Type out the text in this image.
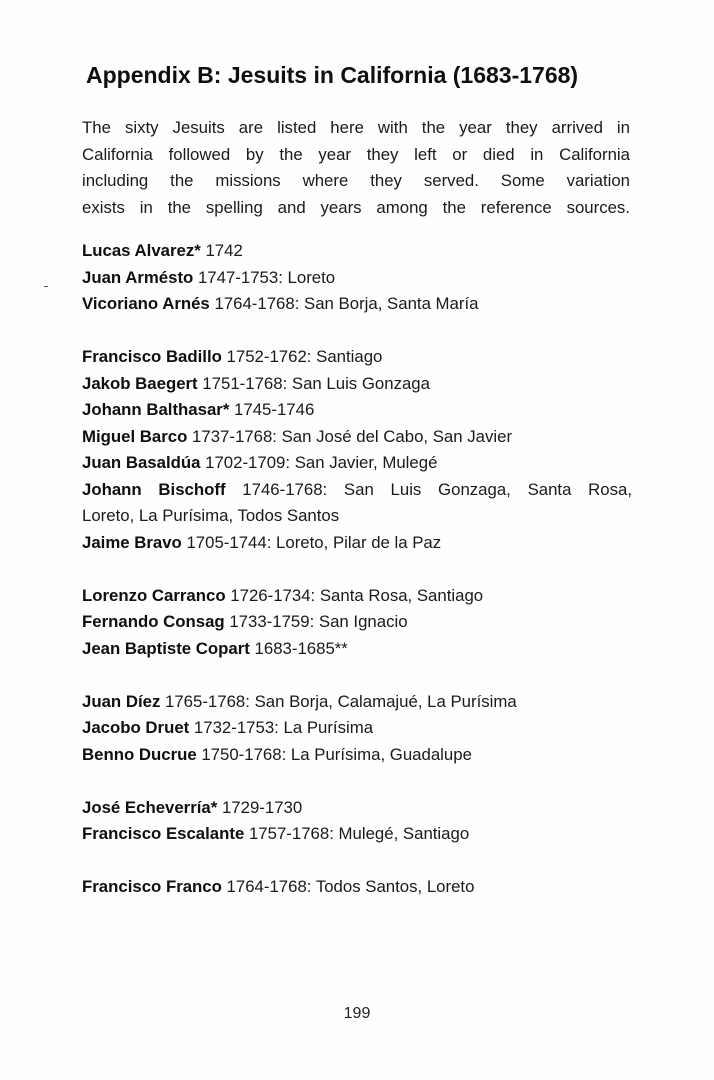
Appendix B: Jesuits in California (1683-1768)
The sixty Jesuits are listed here with the year they arrived in
California followed by the year they left or died in California
including the missions where they served. Some variation
exists in the spelling and years among the reference sources.
Lucas Alvarez* 1742
Juan Armésto 1747-1753: Loreto
Vicoriano Arnés 1764-1768: San Borja, Santa María
Francisco Badillo 1752-1762: Santiago
Jakob Baegert 1751-1768: San Luis Gonzaga
Johann Balthasar* 1745-1746
Miguel Barco 1737-1768: San José del Cabo, San Javier
Juan Basaldúa 1702-1709: San Javier, Mulegé
Johann Bischoff 1746-1768: San Luis Gonzaga, Santa Rosa,
Loreto, La Purísima, Todos Santos
Jaime Bravo 1705-1744: Loreto, Pilar de la Paz
Lorenzo Carranco 1726-1734: Santa Rosa, Santiago
Fernando Consag 1733-1759: San Ignacio
Jean Baptiste Copart 1683-1685**
Juan Díez 1765-1768: San Borja, Calamajué, La Purísima
Jacobo Druet 1732-1753: La Purísima
Benno Ducrue 1750-1768: La Purísima, Guadalupe
José Echeverría* 1729-1730
Francisco Escalante 1757-1768: Mulegé, Santiago
Francisco Franco 1764-1768: Todos Santos, Loreto
199
